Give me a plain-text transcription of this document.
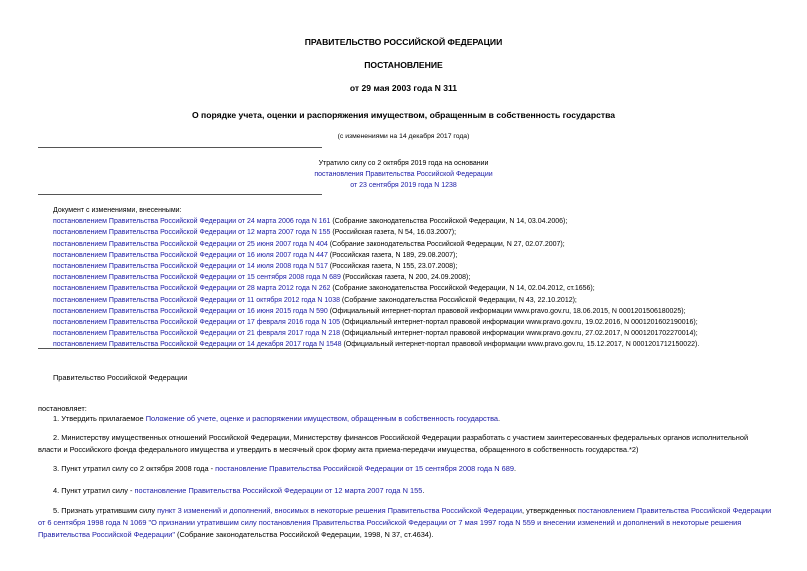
ПРАВИТЕЛЬСТВО РОССИЙСКОЙ ФЕДЕРАЦИИ
ПОСТАНОВЛЕНИЕ
от 29 мая 2003 года N 311
О порядке учета, оценки и распоряжения имуществом, обращенным в собственность государства
(с изменениями на 14 декабря 2017 года)
Утратило силу со 2 октября 2019 года на основании
постановления Правительства Российской Федерации
от 23 сентября 2019 года N 1238
Документ с изменениями, внесенными:
постановлением Правительства Российской Федерации от 24 марта 2006 года N 161 (Собрание законодательства Российской Федерации, N 14, 03.04.2006);
постановлением Правительства Российской Федерации от 12 марта 2007 года N 155 (Российская газета, N 54, 16.03.2007);
постановлением Правительства Российской Федерации от 25 июня 2007 года N 404 (Собрание законодательства Российской Федерации, N 27, 02.07.2007);
постановлением Правительства Российской Федерации от 16 июля 2007 года N 447 (Российская газета, N 189, 29.08.2007);
постановлением Правительства Российской Федерации от 14 июля 2008 года N 517 (Российская газета, N 155, 23.07.2008);
постановлением Правительства Российской Федерации от 15 сентября 2008 года N 689 (Российская газета, N 200, 24.09.2008);
постановлением Правительства Российской Федерации от 28 марта 2012 года N 262 (Собрание законодательства Российской Федерации, N 14, 02.04.2012, ст.1656);
постановлением Правительства Российской Федерации от 11 октября 2012 года N 1038 (Собрание законодательства Российской Федерации, N 43, 22.10.2012);
постановлением Правительства Российской Федерации от 16 июня 2015 года N 590 (Официальный интернет-портал правовой информации www.pravo.gov.ru, 18.06.2015, N 0001201506180025);
постановлением Правительства Российской Федерации от 17 февраля 2016 года N 105 (Официальный интернет-портал правовой информации www.pravo.gov.ru, 19.02.2016, N 0001201602190016);
постановлением Правительства Российской Федерации от 21 февраля 2017 года N 218 (Официальный интернет-портал правовой информации www.pravo.gov.ru, 27.02.2017, N 0001201702270014);
постановлением Правительства Российской Федерации от 14 декабря 2017 года N 1548 (Официальный интернет-портал правовой информации www.pravo.gov.ru, 15.12.2017, N 0001201712150022).
Правительство Российской Федерации
постановляет:
1. Утвердить прилагаемое Положение об учете, оценке и распоряжении имуществом, обращенным в собственность государства.
2. Министерству имущественных отношений Российской Федерации, Министерству финансов Российской Федерации разработать с участием заинтересованных федеральных органов исполнительной власти и Российского фонда федерального имущества и утвердить в месячный срок форму акта приема-передачи имущества, обращенного в собственность государства.*2)
3. Пункт утратил силу со 2 октября 2008 года - постановление Правительства Российской Федерации от 15 сентября 2008 года N 689.
4. Пункт утратил силу - постановление Правительства Российской Федерации от 12 марта 2007 года N 155.
5. Признать утратившим силу пункт 3 изменений и дополнений, вносимых в некоторые решения Правительства Российской Федерации, утвержденных постановлением Правительства Российской Федерации от 6 сентября 1998 года N 1069 "О признании утратившим силу постановления Правительства Российской Федерации от 7 мая 1997 года N 559 и внесении изменений и дополнений в некоторые решения Правительства Российской Федерации" (Собрание законодательства Российской Федерации, 1998, N 37, ст.4634).
